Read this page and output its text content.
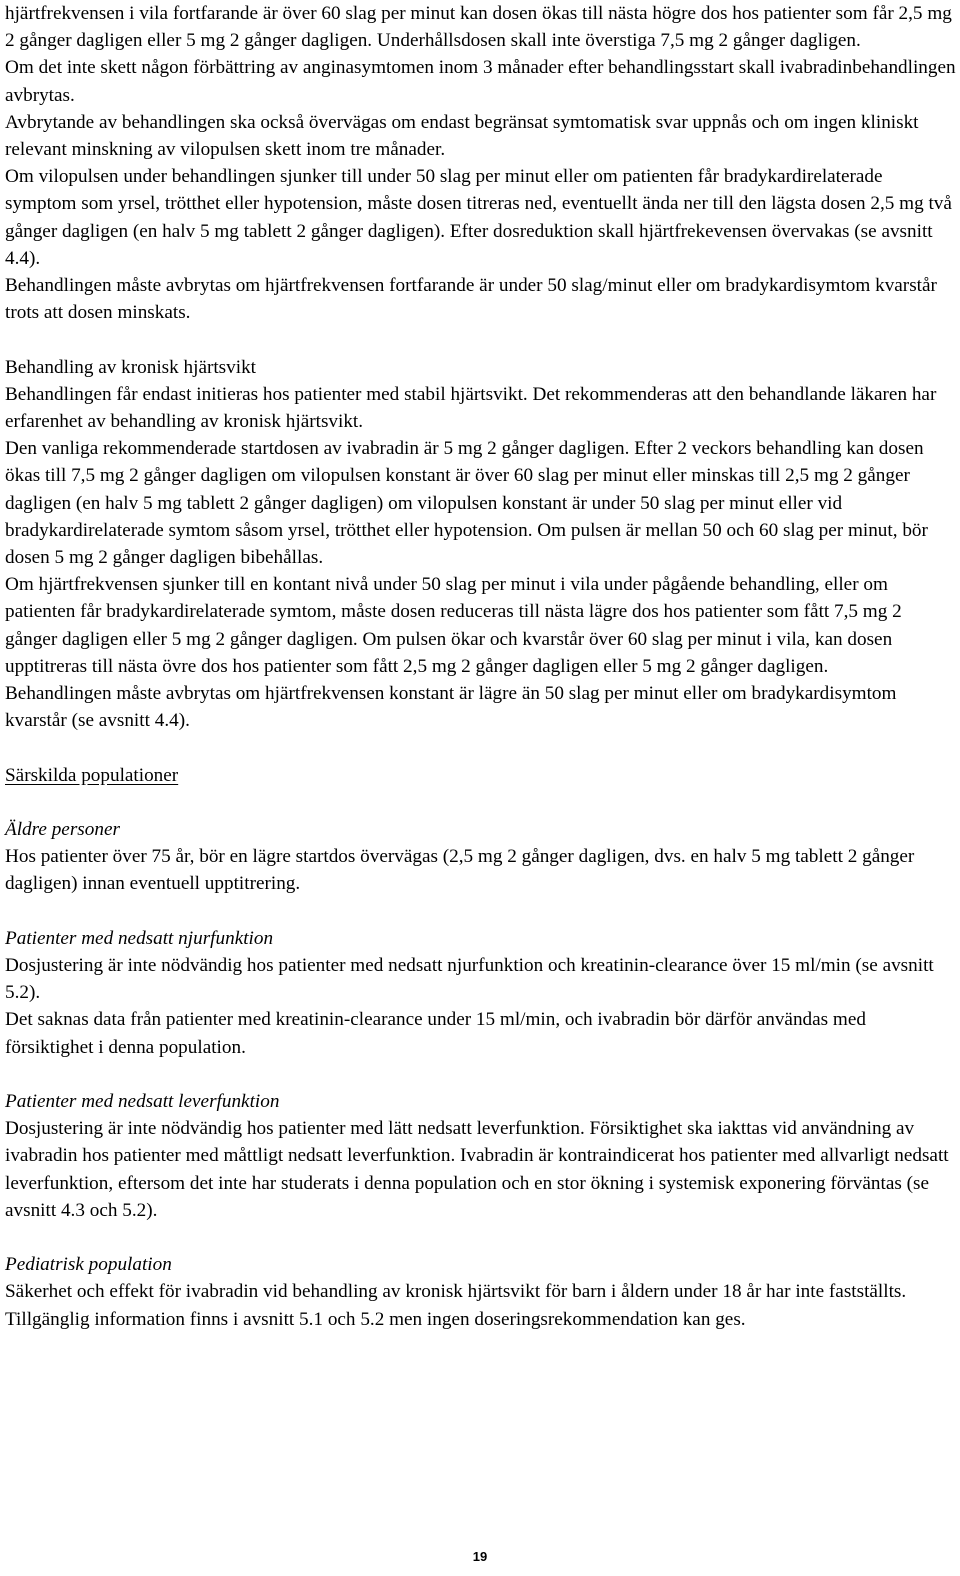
hjärtfrekvensen i vila fortfarande är över 60 slag per minut kan dosen ökas till nästa högre dos hos patienter som får 2,5 mg 2 gånger dagligen eller 5 mg 2 gånger dagligen. Underhållsdosen skall inte överstiga 7,5 mg 2 gånger dagligen.

Om det inte skett någon förbättring av anginasymtomen inom 3 månader efter behandlingsstart skall ivabradinbehandlingen avbrytas.

Avbrytande av behandlingen ska också övervägas om endast begränsat symtomatisk svar uppnås och om ingen kliniskt relevant minskning av vilopulsen skett inom tre månader.

Om vilopulsen under behandlingen sjunker till under 50 slag per minut eller om patienten får bradykardirelaterade symptom som yrsel, trötthet eller hypotension, måste dosen titreras ned, eventuellt ända ner till den lägsta dosen 2,5 mg två gånger dagligen (en halv 5 mg tablett 2 gånger dagligen). Efter dosreduktion skall hjärtfrekevensen övervakas (se avsnitt 4.4).

Behandlingen måste avbrytas om hjärtfrekvensen fortfarande är under 50 slag/minut eller om bradykardisymtom kvarstår trots att dosen minskats.

Behandling av kronisk hjärtsvikt

Behandlingen får endast initieras hos patienter med stabil hjärtsvikt. Det rekommenderas att den behandlande läkaren har erfarenhet av behandling av kronisk hjärtsvikt.

Den vanliga rekommenderade startdosen av ivabradin är 5 mg 2 gånger dagligen. Efter 2 veckors behandling kan dosen ökas till 7,5 mg 2 gånger dagligen om vilopulsen konstant är över 60 slag per minut eller minskas till 2,5 mg 2 gånger dagligen (en halv 5 mg tablett 2 gånger dagligen) om vilopulsen konstant är under 50 slag per minut eller vid bradykardirelaterade symtom såsom yrsel, trötthet eller hypotension. Om pulsen är mellan 50 och 60 slag per minut, bör dosen 5 mg 2 gånger dagligen bibehållas.

Om hjärtfrekvensen sjunker till en kontant nivå under 50 slag per minut i vila under pågående behandling, eller om patienten får bradykardirelaterade symtom, måste dosen reduceras till nästa lägre dos hos patienter som fått 7,5 mg 2 gånger dagligen eller 5 mg 2 gånger dagligen. Om pulsen ökar och kvarstår över 60 slag per minut i vila, kan dosen upptitreras till nästa övre dos hos patienter som fått 2,5 mg 2 gånger dagligen eller 5 mg 2 gånger dagligen.

Behandlingen måste avbrytas om hjärtfrekvensen konstant är lägre än 50 slag per minut eller om bradykardisymtom kvarstår (se avsnitt 4.4).

Särskilda populationer

Äldre personer

Hos patienter över 75 år, bör en lägre startdos övervägas (2,5 mg 2 gånger dagligen, dvs. en halv 5 mg tablett 2 gånger dagligen) innan eventuell upptitrering.

Patienter med nedsatt njurfunktion

Dosjustering är inte nödvändig hos patienter med nedsatt njurfunktion och kreatinin-clearance över 15 ml/min (se avsnitt 5.2).

Det saknas data från patienter med kreatinin-clearance under 15 ml/min, och ivabradin bör därför användas med försiktighet i denna population.

Patienter med nedsatt leverfunktion

Dosjustering är inte nödvändig hos patienter med lätt nedsatt leverfunktion. Försiktighet ska iakttas vid användning av ivabradin hos patienter med måttligt nedsatt leverfunktion. Ivabradin är kontraindicerat hos patienter med allvarligt nedsatt leverfunktion, eftersom det inte har studerats i denna population och en stor ökning i systemisk exponering förväntas (se avsnitt 4.3 och 5.2).

Pediatrisk population

Säkerhet och effekt för ivabradin vid behandling av kronisk hjärtsvikt för barn i åldern under 18 år har inte fastställts.

Tillgänglig information finns i avsnitt 5.1 och 5.2 men ingen doseringsrekommendation kan ges.

19
